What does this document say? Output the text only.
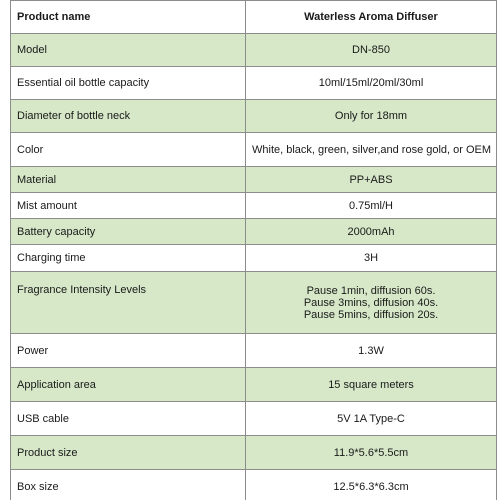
Product name	Waterless Aroma Diffuser
Model	DN-850
Essential oil bottle capacity	10ml/15ml/20ml/30ml
Diameter of bottle neck	Only for 18mm
Color	White, black, green, silver,and rose gold, or OEM
Material	PP+ABS
Mist amount	0.75ml/H
Battery capacity	2000mAh
Charging time	3H
Fragrance Intensity Levels	Pause 1min, diffusion 60s.
Pause 3mins, diffusion 40s.
Pause 5mins, diffusion 20s.

Power	1.3W
Application area	15 square meters
USB cable	5V 1A Type-C
Product size	11.9*5.6*5.5cm
Box size	12.5*6.3*6.3cm
